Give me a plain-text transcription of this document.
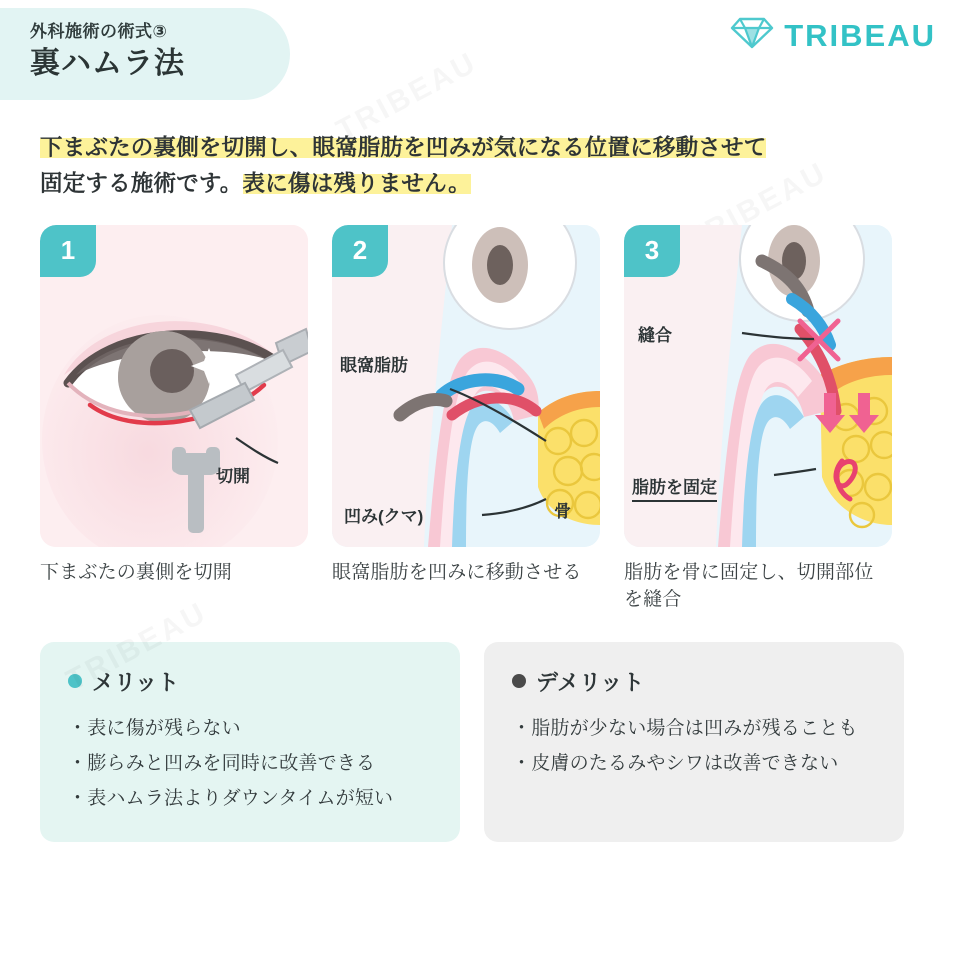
外科施術の術式③
裏ハムラ法
TRIBEAU
下まぶたの裏側を切開し、眼窩脂肪を凹みが気になる位置に移動させて
固定する施術です。表に傷は残りません。
1
切開
下まぶたの裏側を切開
2
眼窩脂肪
凹み(クマ)	骨
眼窩脂肪を凹みに移動させる
3
縫合
脂肪を固定
脂肪を骨に固定し、切開部位を縫合
メリット
・表に傷が残らない
・膨らみと凹みを同時に改善できる
・表ハムラ法よりダウンタイムが短い
デメリット
・脂肪が少ない場合は凹みが残ることも
・皮膚のたるみやシワは改善できない
